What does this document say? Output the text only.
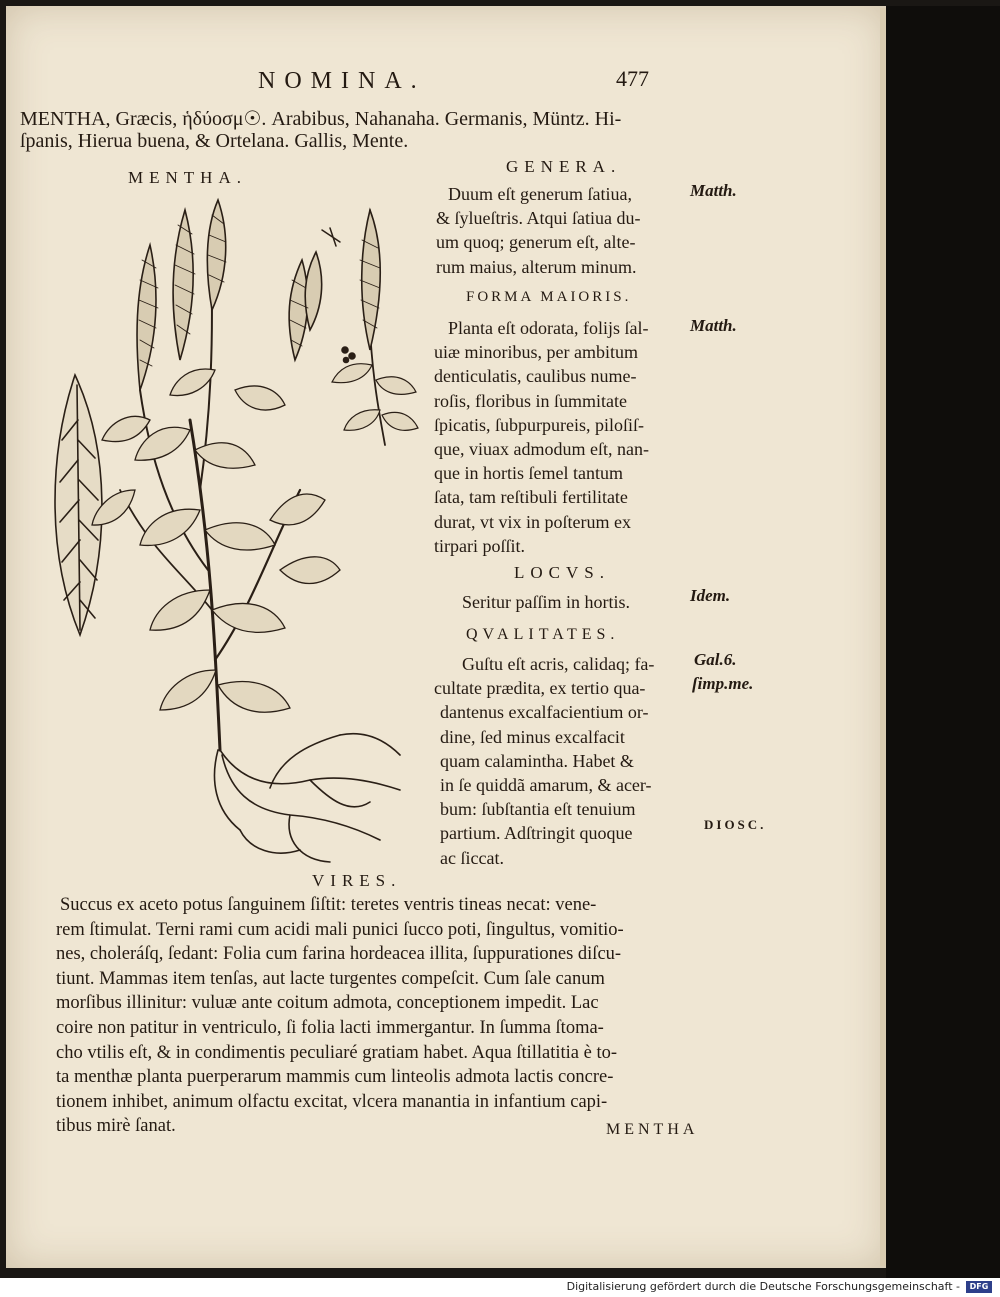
NOMINA.	477
MENTHA, Græcis, ἡδύοσμ☉. Arabibus, Nahanaha. Germanis, Müntz. Hi-
ſpanis, Hierua buena, & Ortelana. Gallis, Mente.
MENTHA.
GENERA.
Duum eſt generum ſatiua,
& ſylueſtris. Atqui ſatiua du-
um quoq; generum eſt, alte-
rum maius, alterum minum.
Matth.
FORMA MAIORIS.
Planta eſt odorata, folijs ſal-
uiæ minoribus, per ambitum
denticulatis, caulibus nume-
roſis, floribus in ſummitate
ſpicatis, ſubpurpureis, piloſiſ-
que, viuax admodum eſt, nan-
que in hortis ſemel tantum
ſata, tam reſtibuli fertilitate
durat, vt vix in poſterum ex
tirpari poſſit.
Matth.
LOCVS.
Seritur paſſim in hortis.	Idem.
QVALITATES.
Guſtu eſt acris, calidaq; fa-
cultate prædita, ex tertio qua-
dantenus excalfacientium or-
dine, ſed minus excalfacit
quam calamintha. Habet &
in ſe quiddã amarum, & acer-
bum: ſubſtantia eſt tenuium
partium. Adſtringit quoque
ac ſiccat.
Gal.6.
ſimp.me.
DIOSC.
VIRES.
Succus ex aceto potus ſanguinem ſiſtit: teretes ventris tineas necat: vene-
rem ſtimulat. Terni rami cum acidi mali punici ſucco poti, ſingultus, vomitio-
nes, choleráſq, ſedant: Folia cum farina hordeacea illita, ſuppurationes diſcu-
tiunt. Mammas item tenſas, aut lacte turgentes compeſcit. Cum ſale canum
morſibus illinitur: vuluæ ante coitum admota, conceptionem impedit. Lac
coire non patitur in ventriculo, ſi folia lacti immergantur. In ſumma ſtoma-
cho vtilis eſt, & in condimentis peculiaré gratiam habet. Aqua ſtillatitia è to-
ta menthæ planta puerperarum mammis cum linteolis admota lactis concre-
tionem inhibet, animum olfactu excitat, vlcera manantia in infantium capi-
tibus mirè ſanat.	MENTHA
Digitalisierung gefördert durch die Deutsche Forschungsgemeinschaft -	DFG
